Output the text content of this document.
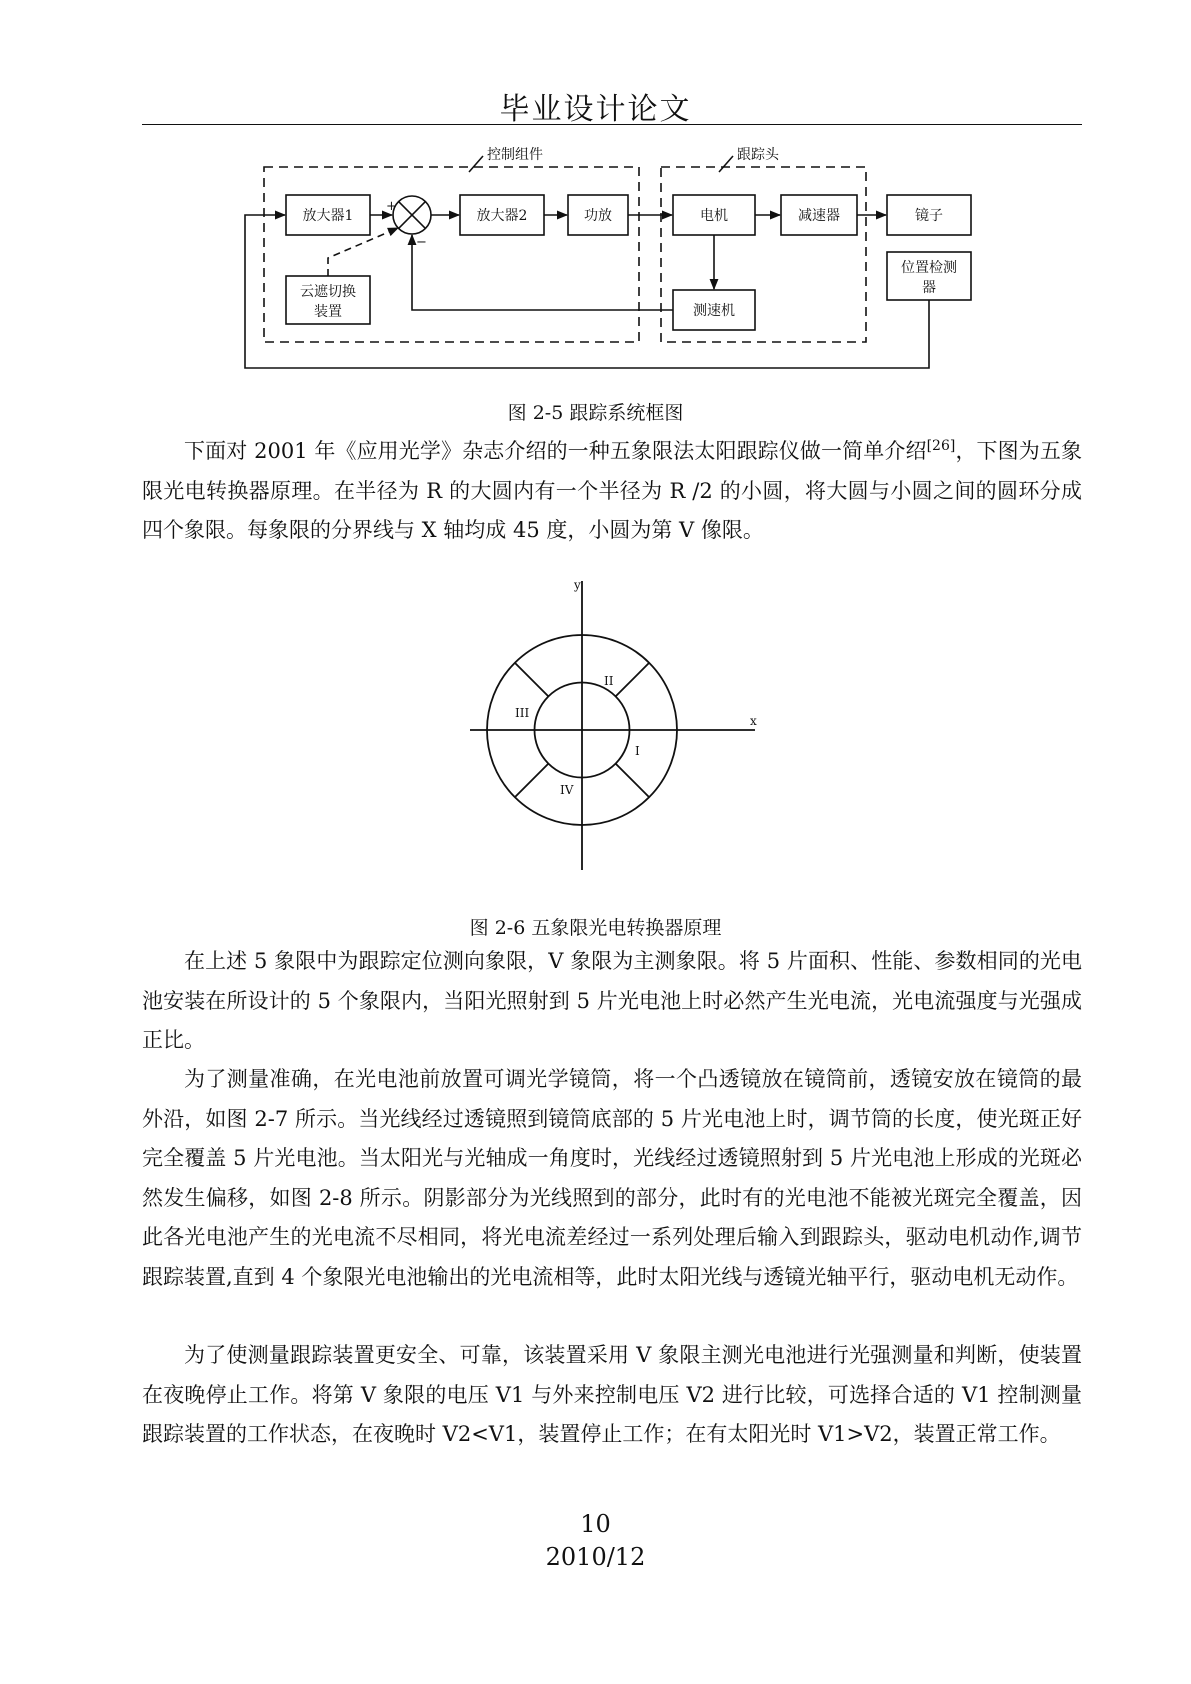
毕业设计论文
控制组件	跟踪头
放大器1	放大器2	功放	电机	减速器	镜子
云遮切换
装置	测速机
位置检测
器
+
−
图 2-5 跟踪系统框图

下面对 2001 年《应用光学》杂志介绍的一种五象限法太阳跟踪仪做一简单介绍[26]，下图为五象限光电转换器原理。在半径为 R 的大圆内有一个半径为 R /2 的小圆，将大圆与小圆之间的圆环分成四个象限。每象限的分界线与 X 轴均成 45 度，小圆为第 V 像限。

y
x
II
III
I
IV
图 2-6 五象限光电转换器原理

在上述 5 象限中为跟踪定位测向象限，V 象限为主测象限。将 5 片面积、性能、参数相同的光电池安装在所设计的 5 个象限内，当阳光照射到 5 片光电池上时必然产生光电流，光电流强度与光强成正比。

为了测量准确，在光电池前放置可调光学镜筒，将一个凸透镜放在镜筒前，透镜安放在镜筒的最外沿，如图 2-7 所示。当光线经过透镜照到镜筒底部的 5 片光电池上时，调节筒的长度，使光斑正好完全覆盖 5 片光电池。当太阳光与光轴成一角度时，光线经过透镜照射到 5 片光电池上形成的光斑必然发生偏移，如图 2-8 所示。阴影部分为光线照到的部分，此时有的光电池不能被光斑完全覆盖，因此各光电池产生的光电流不尽相同，将光电流差经过一系列处理后输入到跟踪头，驱动电机动作,调节跟踪装置,直到 4 个象限光电池输出的光电流相等，此时太阳光线与透镜光轴平行，驱动电机无动作。

为了使测量跟踪装置更安全、可靠，该装置采用 V 象限主测光电池进行光强测量和判断，使装置在夜晚停止工作。将第 V 象限的电压 V1 与外来控制电压 V2 进行比较，可选择合适的 V1 控制测量跟踪装置的工作状态，在夜晚时 V2<V1，装置停止工作；在有太阳光时 V1>V2，装置正常工作。

10
2010/12
